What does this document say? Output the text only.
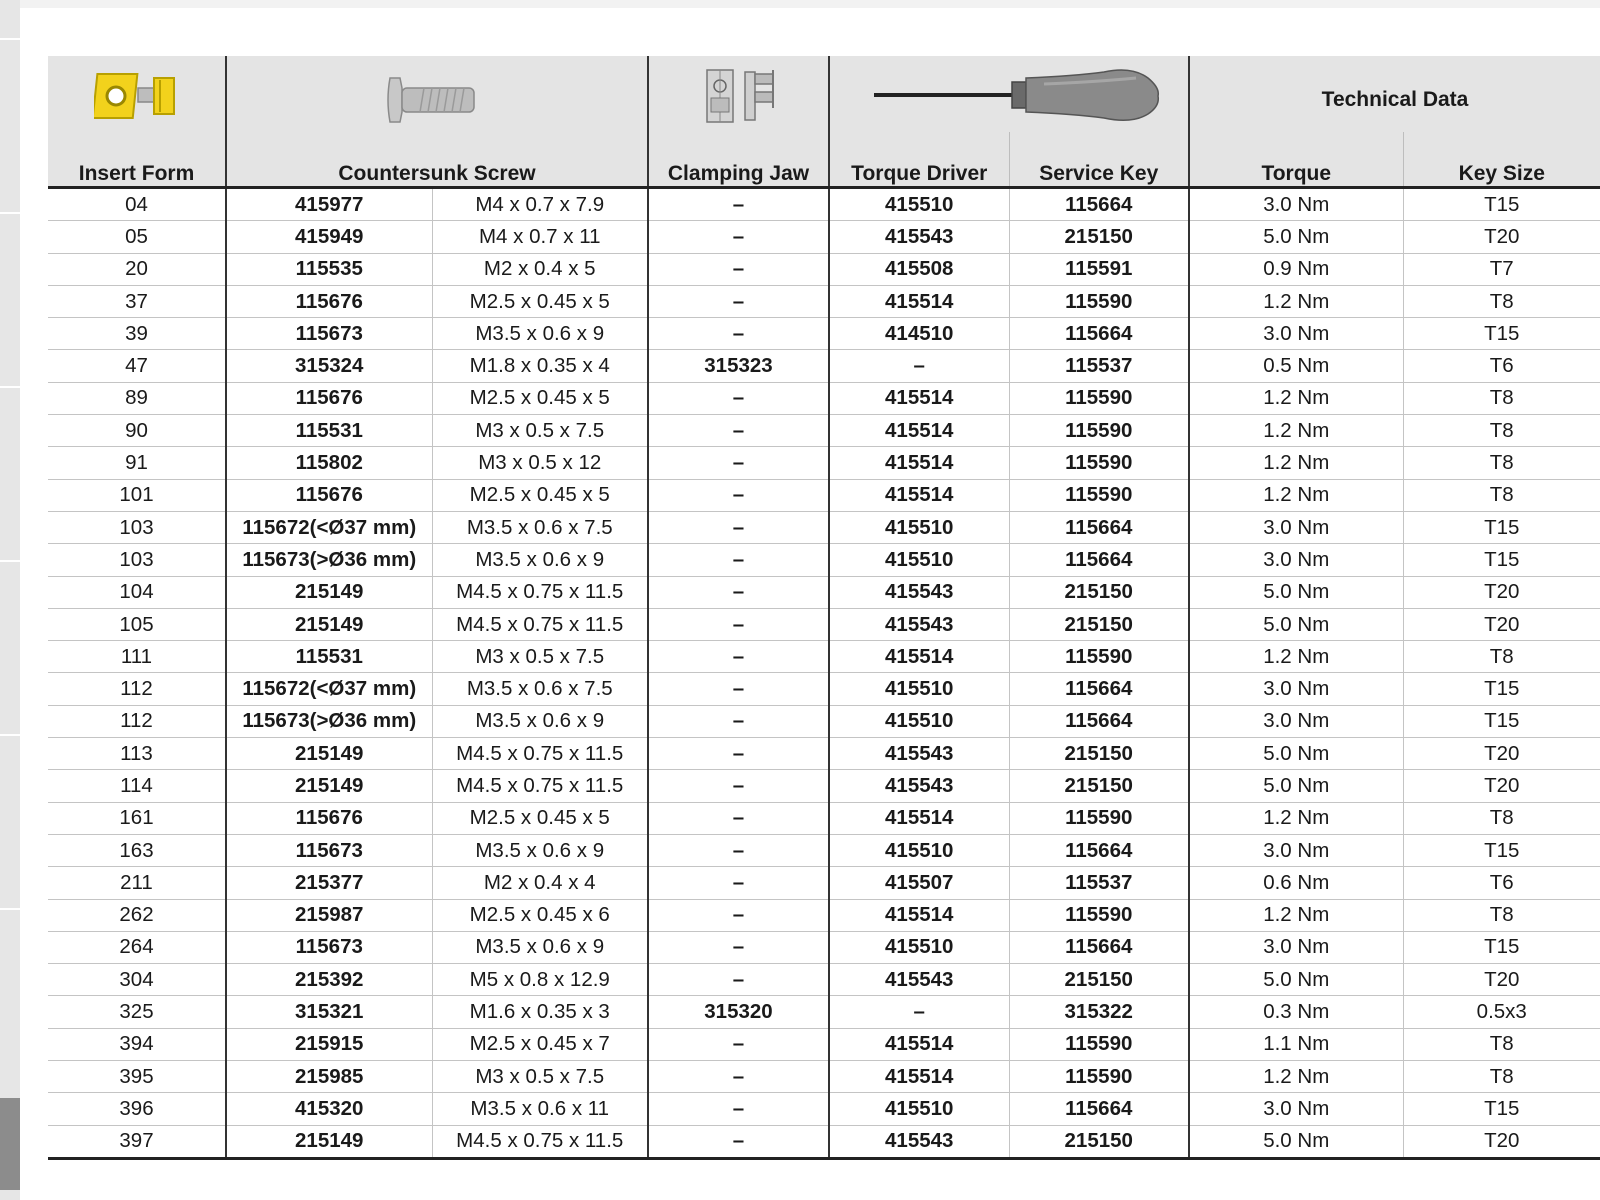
	Technical Data	
Insert Form	Countersunk Screw		Clamping Jaw	Torque Driver	Service Key	Torque	Key Size
04	415977	M4 x 0.7 x 7.9	–	415510	115664	3.0 Nm	T15
05	415949	M4 x 0.7 x 11	–	415543	215150	5.0 Nm	T20
20	115535	M2 x 0.4 x 5	–	415508	115591	0.9 Nm	T7
37	115676	M2.5 x 0.45 x 5	–	415514	115590	1.2 Nm	T8
39	115673	M3.5 x 0.6 x 9	–	414510	115664	3.0 Nm	T15
47	315324	M1.8 x 0.35 x 4	315323	–	115537	0.5 Nm	T6
89	115676	M2.5 x 0.45 x 5	–	415514	115590	1.2 Nm	T8
90	115531	M3 x 0.5 x 7.5	–	415514	115590	1.2 Nm	T8
91	115802	M3 x 0.5 x 12	–	415514	115590	1.2 Nm	T8
101	115676	M2.5 x 0.45 x 5	–	415514	115590	1.2 Nm	T8
103	115672(<Ø37 mm)	M3.5 x 0.6 x 7.5	–	415510	115664	3.0 Nm	T15
103	115673(>Ø36 mm)	M3.5 x 0.6 x 9	–	415510	115664	3.0 Nm	T15
104	215149	M4.5 x 0.75 x 11.5	–	415543	215150	5.0 Nm	T20
105	215149	M4.5 x 0.75 x 11.5	–	415543	215150	5.0 Nm	T20
111	115531	M3 x 0.5 x 7.5	–	415514	115590	1.2 Nm	T8
112	115672(<Ø37 mm)	M3.5 x 0.6 x 7.5	–	415510	115664	3.0 Nm	T15
112	115673(>Ø36 mm)	M3.5 x 0.6 x 9	–	415510	115664	3.0 Nm	T15
113	215149	M4.5 x 0.75 x 11.5	–	415543	215150	5.0 Nm	T20
114	215149	M4.5 x 0.75 x 11.5	–	415543	215150	5.0 Nm	T20
161	115676	M2.5 x 0.45 x 5	–	415514	115590	1.2 Nm	T8
163	115673	M3.5 x 0.6 x 9	–	415510	115664	3.0 Nm	T15
211	215377	M2 x 0.4 x 4	–	415507	115537	0.6 Nm	T6
262	215987	M2.5 x 0.45 x 6	–	415514	115590	1.2 Nm	T8
264	115673	M3.5 x 0.6 x 9	–	415510	115664	3.0 Nm	T15
304	215392	M5 x 0.8 x 12.9	–	415543	215150	5.0 Nm	T20
325	315321	M1.6 x 0.35 x 3	315320	–	315322	0.3 Nm	0.5x3
394	215915	M2.5 x 0.45 x 7	–	415514	115590	1.1 Nm	T8
395	215985	M3 x 0.5 x 7.5	–	415514	115590	1.2 Nm	T8
396	415320	M3.5 x 0.6 x 11	–	415510	115664	3.0 Nm	T15
397	215149	M4.5 x 0.75 x 11.5	–	415543	215150	5.0 Nm	T20
